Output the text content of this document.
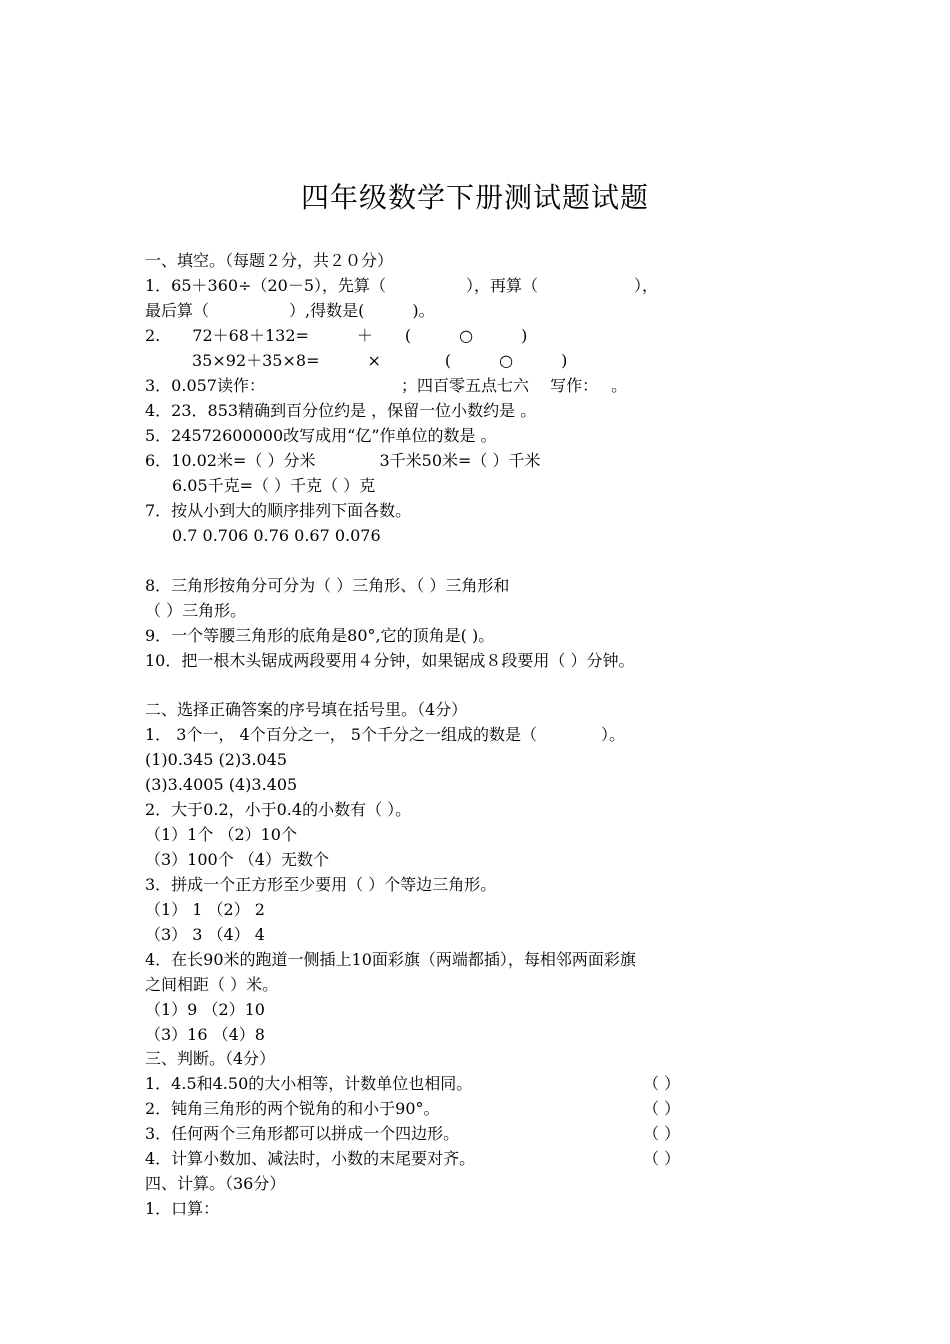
四年级数学下册测试题试题
一、填空。（每题２分，共２０分）
1．65＋360÷（20－5），先算（　　　　　），再算（　　　　　　），
最后算（　　　　　）,得数是(　　　)。
2.　　72＋68＋132=　　　＋　　(　　　○　　　)
35×92＋35×8=　　　×　　　　(　　　○　　　)
3．0.057读作：　　　　　　　　　；四百零五点七六　 写作：　 。
4．23．853精确到百分位约是 ，保留一位小数约是 。
5．24572600000改写成用“亿”作单位的数是 。
6．10.02米=（ ）分米　　　　3千米50米=（ ）千米
6.05千克=（ ）千克（ ）克
7．按从小到大的顺序排列下面各数。
0.7 0.706 0.76 0.67 0.076
8．三角形按角分可分为（ ）三角形、（ ）三角形和
（ ）三角形。
9．一个等腰三角形的底角是80°,它的顶角是( )。
10．把一根木头锯成两段要用４分钟，如果锯成８段要用（ ）分钟。
二、选择正确答案的序号填在括号里。（4分）
1． 3个一， 4个百分之一， 5个千分之一组成的数是（　　　　）。
(1)0.345 (2)3.045
(3)3.4005 (4)3.405
2．大于0.2，小于0.4的小数有（ ）。
（1）1个 （2）10个
（3）100个 （4）无数个
3．拼成一个正方形至少要用（ ）个等边三角形。
（1） 1 （2） 2
（3） 3 （4） 4
4．在长90米的跑道一侧插上10面彩旗（两端都插），每相邻两面彩旗
之间相距（ ）米。
（1）9 （2）10
（3）16 （4）8
三、判断。（4分）
1．4.5和4.50的大小相等，计数单位也相同。	（ ）
2．钝角三角形的两个锐角的和小于90°。	（ ）
3．任何两个三角形都可以拼成一个四边形。	（ ）
4．计算小数加、减法时，小数的末尾要对齐。	（ ）
四、计算。（36分）
1．口算：
